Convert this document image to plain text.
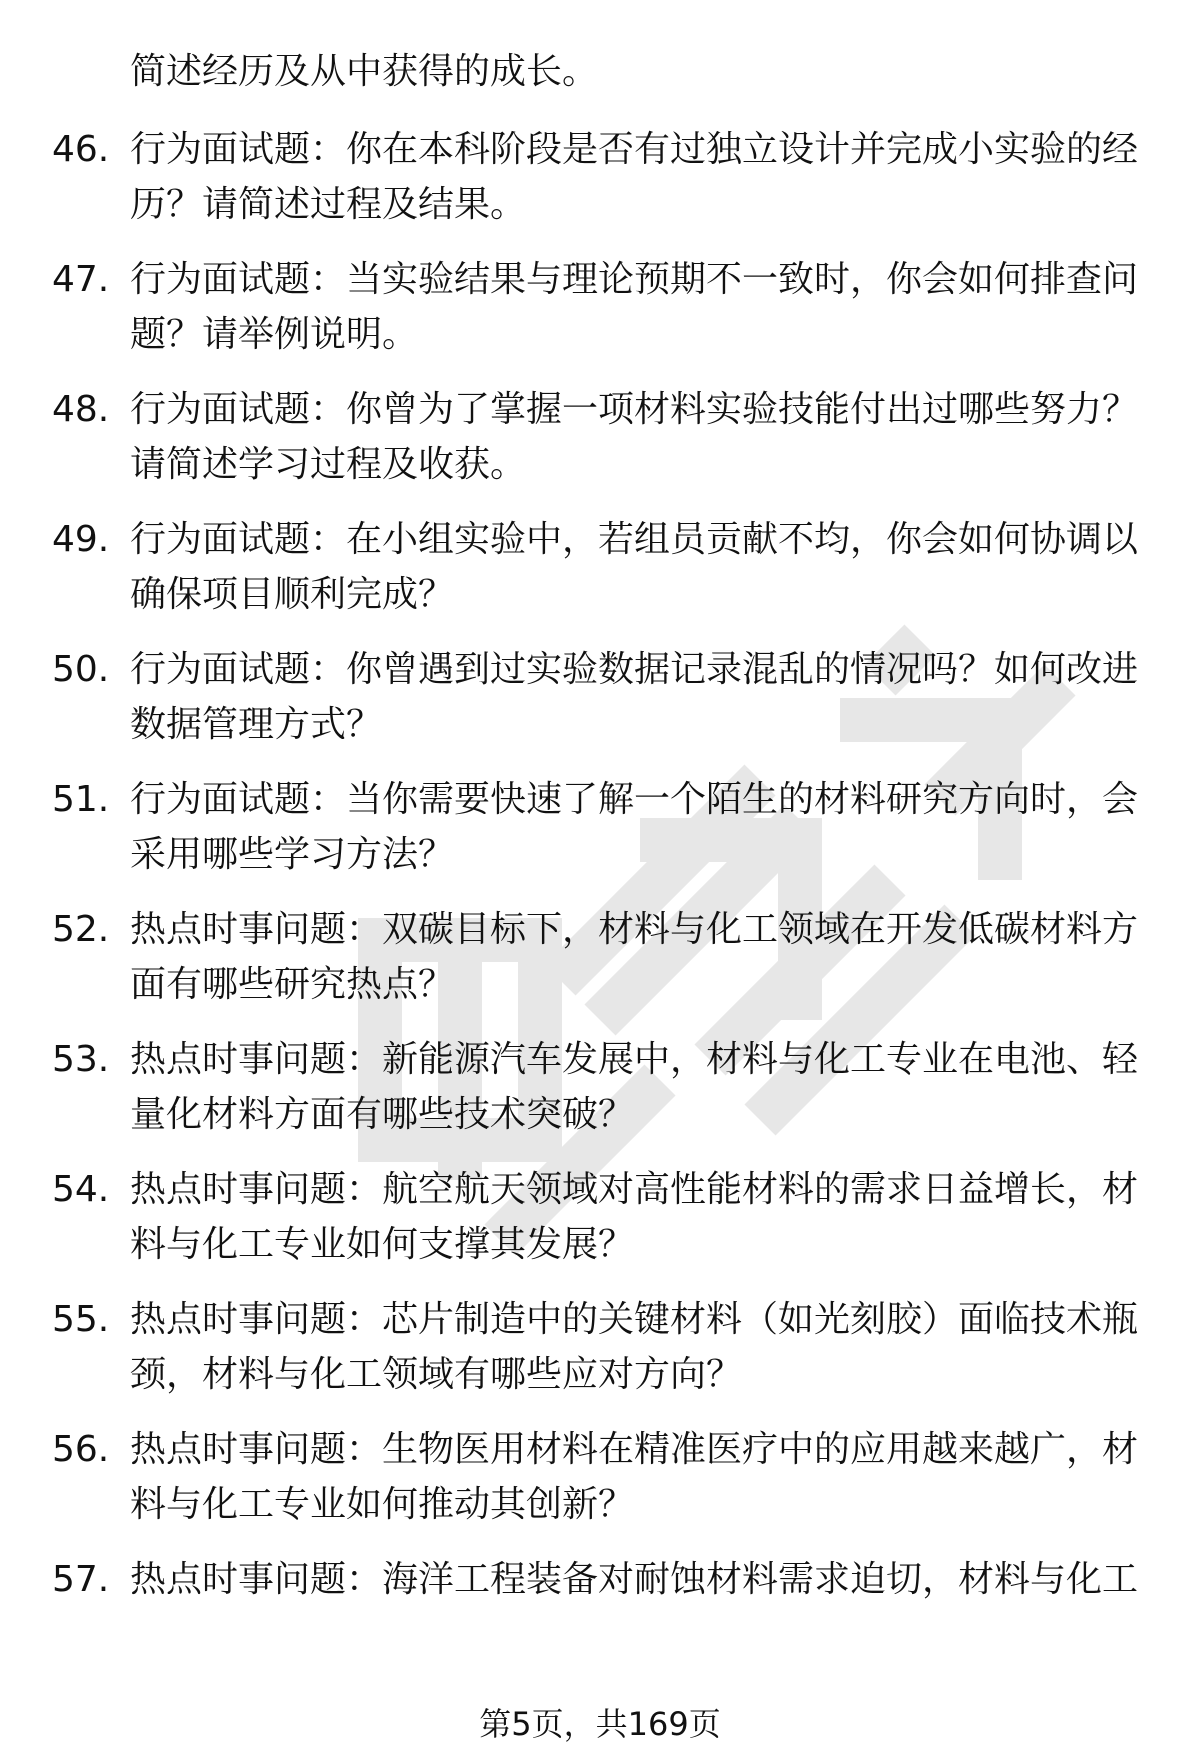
简述经历及从中获得的成长。
46. 行为面试题：你在本科阶段是否有过独立设计并完成小实验的经
历？请简述过程及结果。
47. 行为面试题：当实验结果与理论预期不一致时，你会如何排查问
题？请举例说明。
48. 行为面试题：你曾为了掌握一项材料实验技能付出过哪些努力？
请简述学习过程及收获。
49. 行为面试题：在小组实验中，若组员贡献不均，你会如何协调以
确保项目顺利完成？
50. 行为面试题：你曾遇到过实验数据记录混乱的情况吗？如何改进
数据管理方式？
51. 行为面试题：当你需要快速了解一个陌生的材料研究方向时，会
采用哪些学习方法？
52. 热点时事问题：双碳目标下，材料与化工领域在开发低碳材料方
面有哪些研究热点？
53. 热点时事问题：新能源汽车发展中，材料与化工专业在电池、轻
量化材料方面有哪些技术突破？
54. 热点时事问题：航空航天领域对高性能材料的需求日益增长，材
料与化工专业如何支撑其发展？
55. 热点时事问题：芯片制造中的关键材料（如光刻胶）面临技术瓶
颈，材料与化工领域有哪些应对方向？
56. 热点时事问题：生物医用材料在精准医疗中的应用越来越广，材
料与化工专业如何推动其创新？
57. 热点时事问题：海洋工程装备对耐蚀材料需求迫切，材料与化工
第5页，共169页
